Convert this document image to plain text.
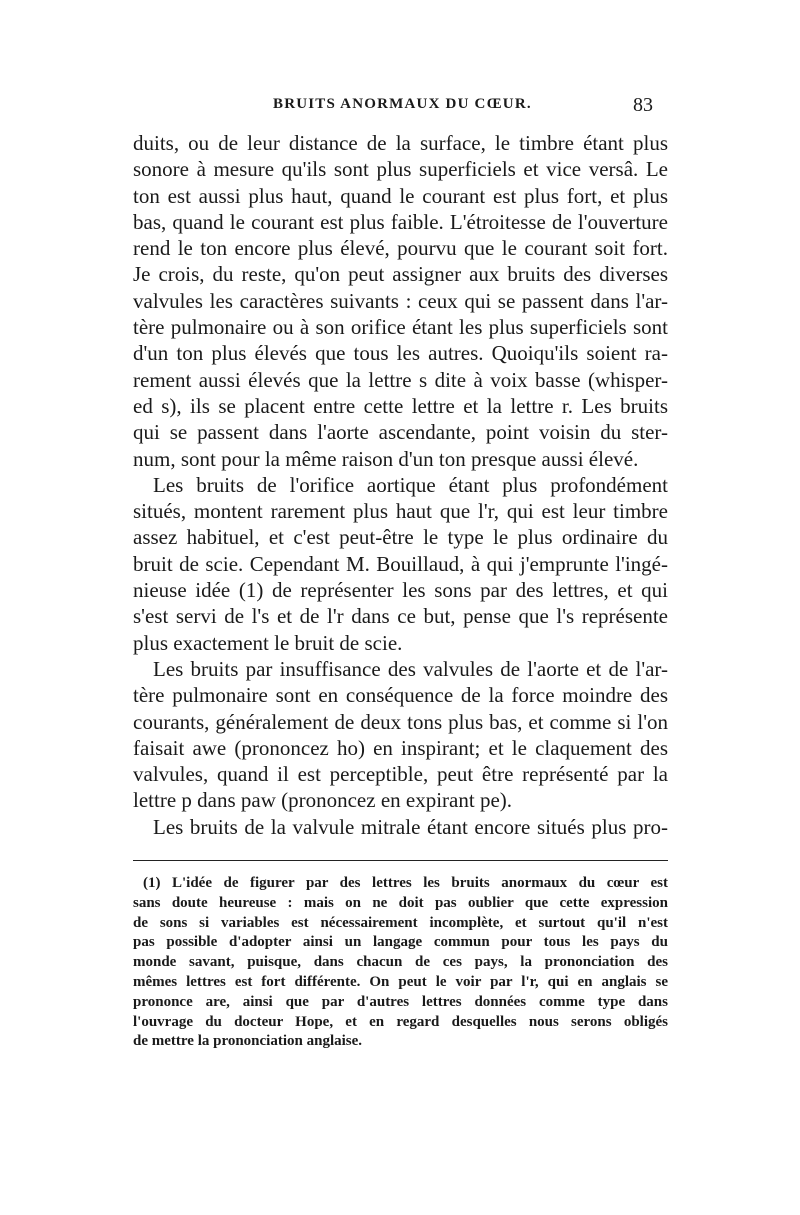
BRUITS ANORMAUX DU CŒUR.	83
duits, ou de leur distance de la surface, le timbre étant plus
sonore à mesure qu'ils sont plus superficiels et vice versâ. Le
ton est aussi plus haut, quand le courant est plus fort, et plus
bas, quand le courant est plus faible. L'étroitesse de l'ouverture
rend le ton encore plus élevé, pourvu que le courant soit fort.
Je crois, du reste, qu'on peut assigner aux bruits des diverses
valvules les caractères suivants : ceux qui se passent dans l'ar-
tère pulmonaire ou à son orifice étant les plus superficiels sont
d'un ton plus élevés que tous les autres. Quoiqu'ils soient ra-
rement aussi élevés que la lettre s dite à voix basse (whisper-
ed s), ils se placent entre cette lettre et la lettre r. Les bruits
qui se passent dans l'aorte ascendante, point voisin du ster-
num, sont pour la même raison d'un ton presque aussi élevé.
Les bruits de l'orifice aortique étant plus profondément
situés, montent rarement plus haut que l'r, qui est leur timbre
assez habituel, et c'est peut-être le type le plus ordinaire du
bruit de scie. Cependant M. Bouillaud, à qui j'emprunte l'ingé-
nieuse idée (1) de représenter les sons par des lettres, et qui
s'est servi de l's et de l'r dans ce but, pense que l's représente
plus exactement le bruit de scie.
Les bruits par insuffisance des valvules de l'aorte et de l'ar-
tère pulmonaire sont en conséquence de la force moindre des
courants, généralement de deux tons plus bas, et comme si l'on
faisait awe (prononcez ho) en inspirant; et le claquement des
valvules, quand il est perceptible, peut être représenté par la
lettre p dans paw (prononcez en expirant pe).
Les bruits de la valvule mitrale étant encore situés plus pro-
(1) L'idée de figurer par des lettres les bruits anormaux du cœur est
sans doute heureuse : mais on ne doit pas oublier que cette expression
de sons si variables est nécessairement incomplète, et surtout qu'il n'est
pas possible d'adopter ainsi un langage commun pour tous les pays du
monde savant, puisque, dans chacun de ces pays, la prononciation des
mêmes lettres est fort différente. On peut le voir par l'r, qui en anglais se
prononce are, ainsi que par d'autres lettres données comme type dans
l'ouvrage du docteur Hope, et en regard desquelles nous serons obligés
de mettre la prononciation anglaise.
